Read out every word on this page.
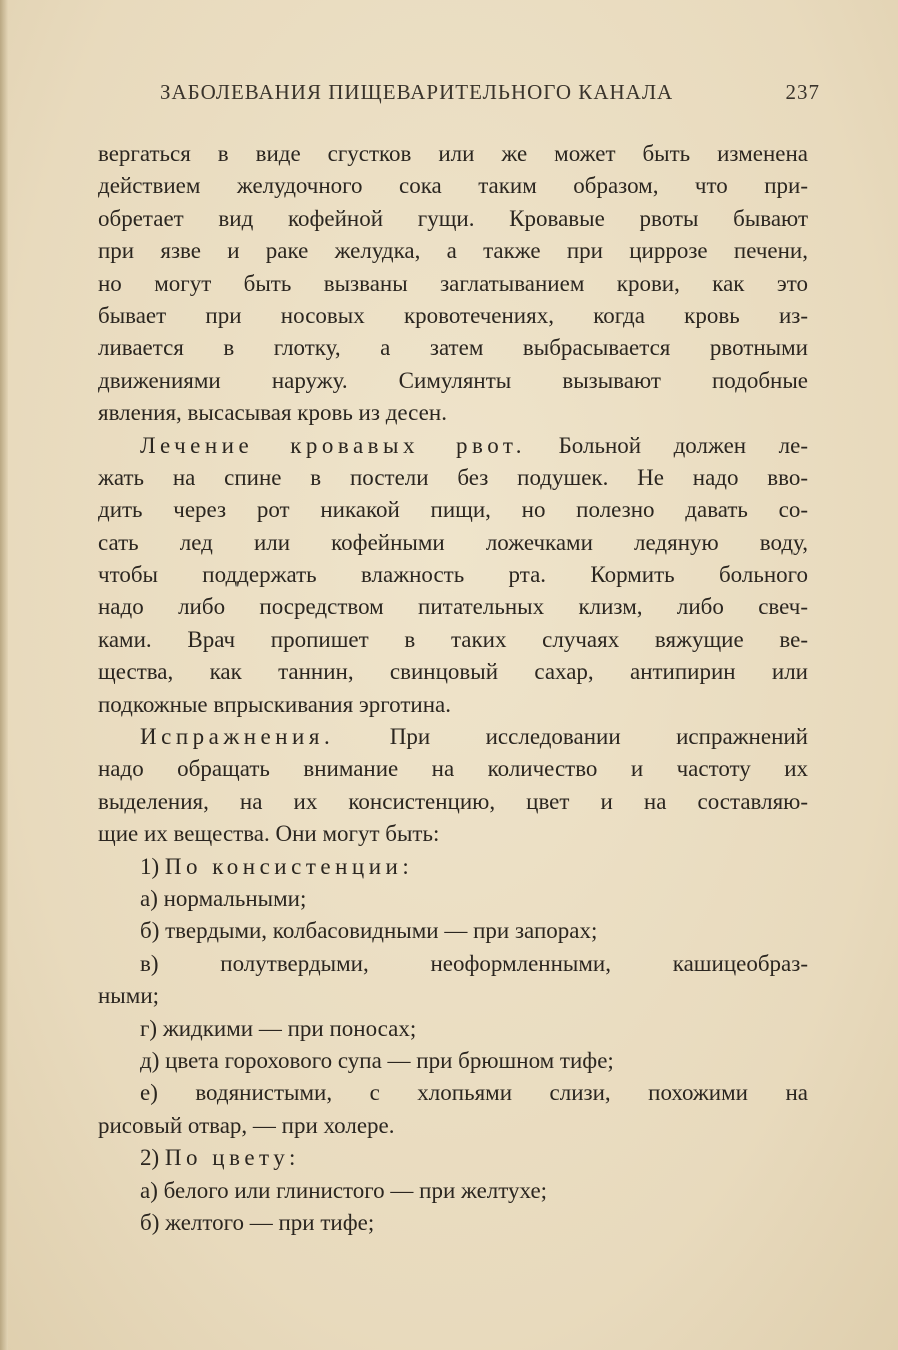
ЗАБОЛЕВАНИЯ ПИЩЕВАРИТЕЛЬНОГО КАНАЛА	237
вергаться в виде сгустков или же может быть изменена
действием желудочного сока таким образом, что при-
обретает вид кофейной гущи. Кровавые рвоты бывают
при язве и раке желудка, а также при циррозе печени,
но могут быть вызваны заглатыванием крови, как это
бывает при носовых кровотечениях, когда кровь из-
ливается в глотку, а затем выбрасывается рвотными
движениями наружу. Симулянты вызывают подобные
явления, высасывая кровь из десен.
Лечение кровавых рвот. Больной должен ле-
жать на спине в постели без подушек. Не надо вво-
дить через рот никакой пищи, но полезно давать со-
сать лед или кофейными ложечками ледяную воду,
чтобы поддержать влажность рта. Кормить больного
надо либо посредством питательных клизм, либо свеч-
ками. Врач пропишет в таких случаях вяжущие ве-
щества, как таннин, свинцовый сахар, антипирин или
подкожные впрыскивания эрготина.
Испражнения. При исследовании испражнений
надо обращать внимание на количество и частоту их
выделения, на их консистенцию, цвет и на составляю-
щие их вещества. Они могут быть:
1) По консистенции:
а) нормальными;
б) твердыми, колбасовидными — при запорах;
в) полутвердыми, неоформленными, кашицеобраз-
ными;
г) жидкими — при поносах;
д) цвета горохового супа — при брюшном тифе;
е) водянистыми, с хлопьями слизи, похожими на
рисовый отвар, — при холере.
2) По цвету:
а) белого или глинистого — при желтухе;
б) желтого — при тифе;
